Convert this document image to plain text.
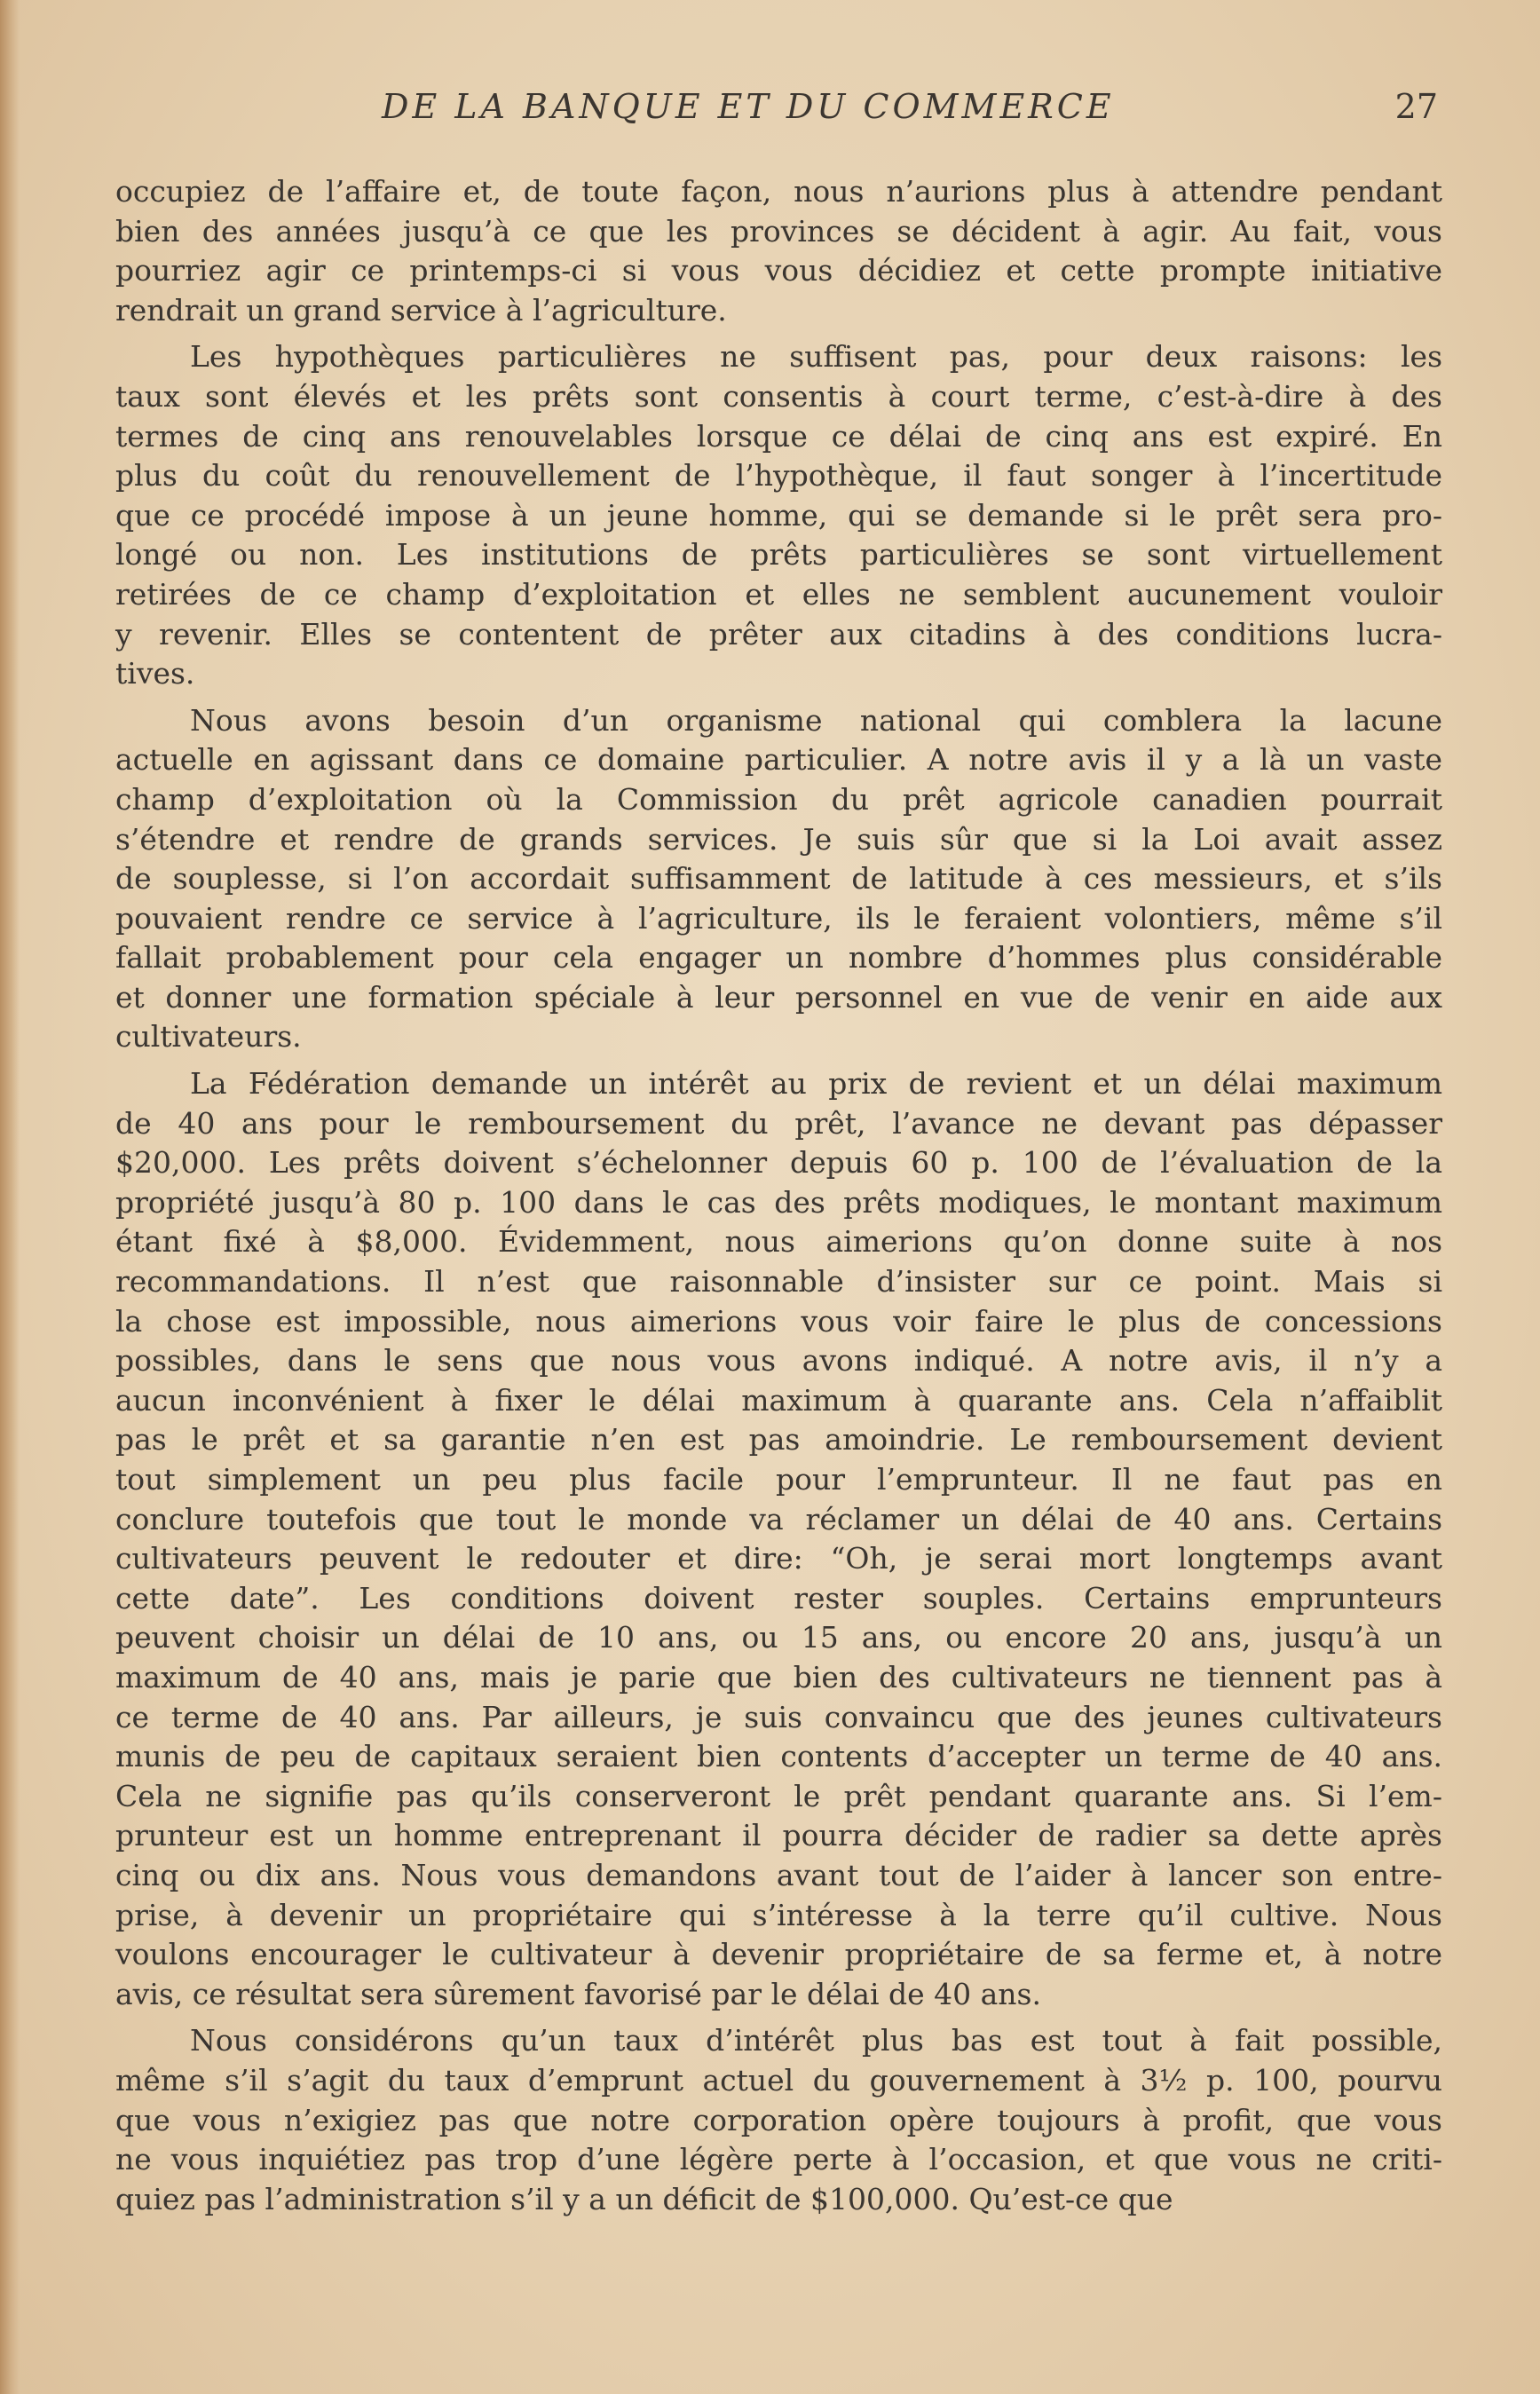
DE LA BANQUE ET DU COMMERCE	27
occupiez de l’affaire et, de toute façon, nous n’aurions plus à attendre pendant
bien des années jusqu’à ce que les provinces se décident à agir. Au fait, vous
pourriez agir ce printemps-ci si vous vous décidiez et cette prompte initiative
rendrait un grand service à l’agriculture.
Les hypothèques particulières ne suffisent pas, pour deux raisons: les
taux sont élevés et les prêts sont consentis à court terme, c’est-à-dire à des
termes de cinq ans renouvelables lorsque ce délai de cinq ans est expiré. En
plus du coût du renouvellement de l’hypothèque, il faut songer à l’incertitude
que ce procédé impose à un jeune homme, qui se demande si le prêt sera pro-
longé ou non. Les institutions de prêts particulières se sont virtuellement
retirées de ce champ d’exploitation et elles ne semblent aucunement vouloir
y revenir. Elles se contentent de prêter aux citadins à des conditions lucra-
tives.
Nous avons besoin d’un organisme national qui comblera la lacune
actuelle en agissant dans ce domaine particulier. A notre avis il y a là un vaste
champ d’exploitation où la Commission du prêt agricole canadien pourrait
s’étendre et rendre de grands services. Je suis sûr que si la Loi avait assez
de souplesse, si l’on accordait suffisamment de latitude à ces messieurs, et s’ils
pouvaient rendre ce service à l’agriculture, ils le feraient volontiers, même s’il
fallait probablement pour cela engager un nombre d’hommes plus considérable
et donner une formation spéciale à leur personnel en vue de venir en aide aux
cultivateurs.
La Fédération demande un intérêt au prix de revient et un délai maximum
de 40 ans pour le remboursement du prêt, l’avance ne devant pas dépasser
$20,000. Les prêts doivent s’échelonner depuis 60 p. 100 de l’évaluation de la
propriété jusqu’à 80 p. 100 dans le cas des prêts modiques, le montant maximum
étant fixé à $8,000. Évidemment, nous aimerions qu’on donne suite à nos
recommandations. Il n’est que raisonnable d’insister sur ce point. Mais si
la chose est impossible, nous aimerions vous voir faire le plus de concessions
possibles, dans le sens que nous vous avons indiqué. A notre avis, il n’y a
aucun inconvénient à fixer le délai maximum à quarante ans. Cela n’affaiblit
pas le prêt et sa garantie n’en est pas amoindrie. Le remboursement devient
tout simplement un peu plus facile pour l’emprunteur. Il ne faut pas en
conclure toutefois que tout le monde va réclamer un délai de 40 ans. Certains
cultivateurs peuvent le redouter et dire: “Oh, je serai mort longtemps avant
cette date”. Les conditions doivent rester souples. Certains emprunteurs
peuvent choisir un délai de 10 ans, ou 15 ans, ou encore 20 ans, jusqu’à un
maximum de 40 ans, mais je parie que bien des cultivateurs ne tiennent pas à
ce terme de 40 ans. Par ailleurs, je suis convaincu que des jeunes cultivateurs
munis de peu de capitaux seraient bien contents d’accepter un terme de 40 ans.
Cela ne signifie pas qu’ils conserveront le prêt pendant quarante ans. Si l’em-
prunteur est un homme entreprenant il pourra décider de radier sa dette après
cinq ou dix ans. Nous vous demandons avant tout de l’aider à lancer son entre-
prise, à devenir un propriétaire qui s’intéresse à la terre qu’il cultive. Nous
voulons encourager le cultivateur à devenir propriétaire de sa ferme et, à notre
avis, ce résultat sera sûrement favorisé par le délai de 40 ans.
Nous considérons qu’un taux d’intérêt plus bas est tout à fait possible,
même s’il s’agit du taux d’emprunt actuel du gouvernement à 3½ p. 100, pourvu
que vous n’exigiez pas que notre corporation opère toujours à profit, que vous
ne vous inquiétiez pas trop d’une légère perte à l’occasion, et que vous ne criti-
quiez pas l’administration s’il y a un déficit de $100,000. Qu’est-ce que
